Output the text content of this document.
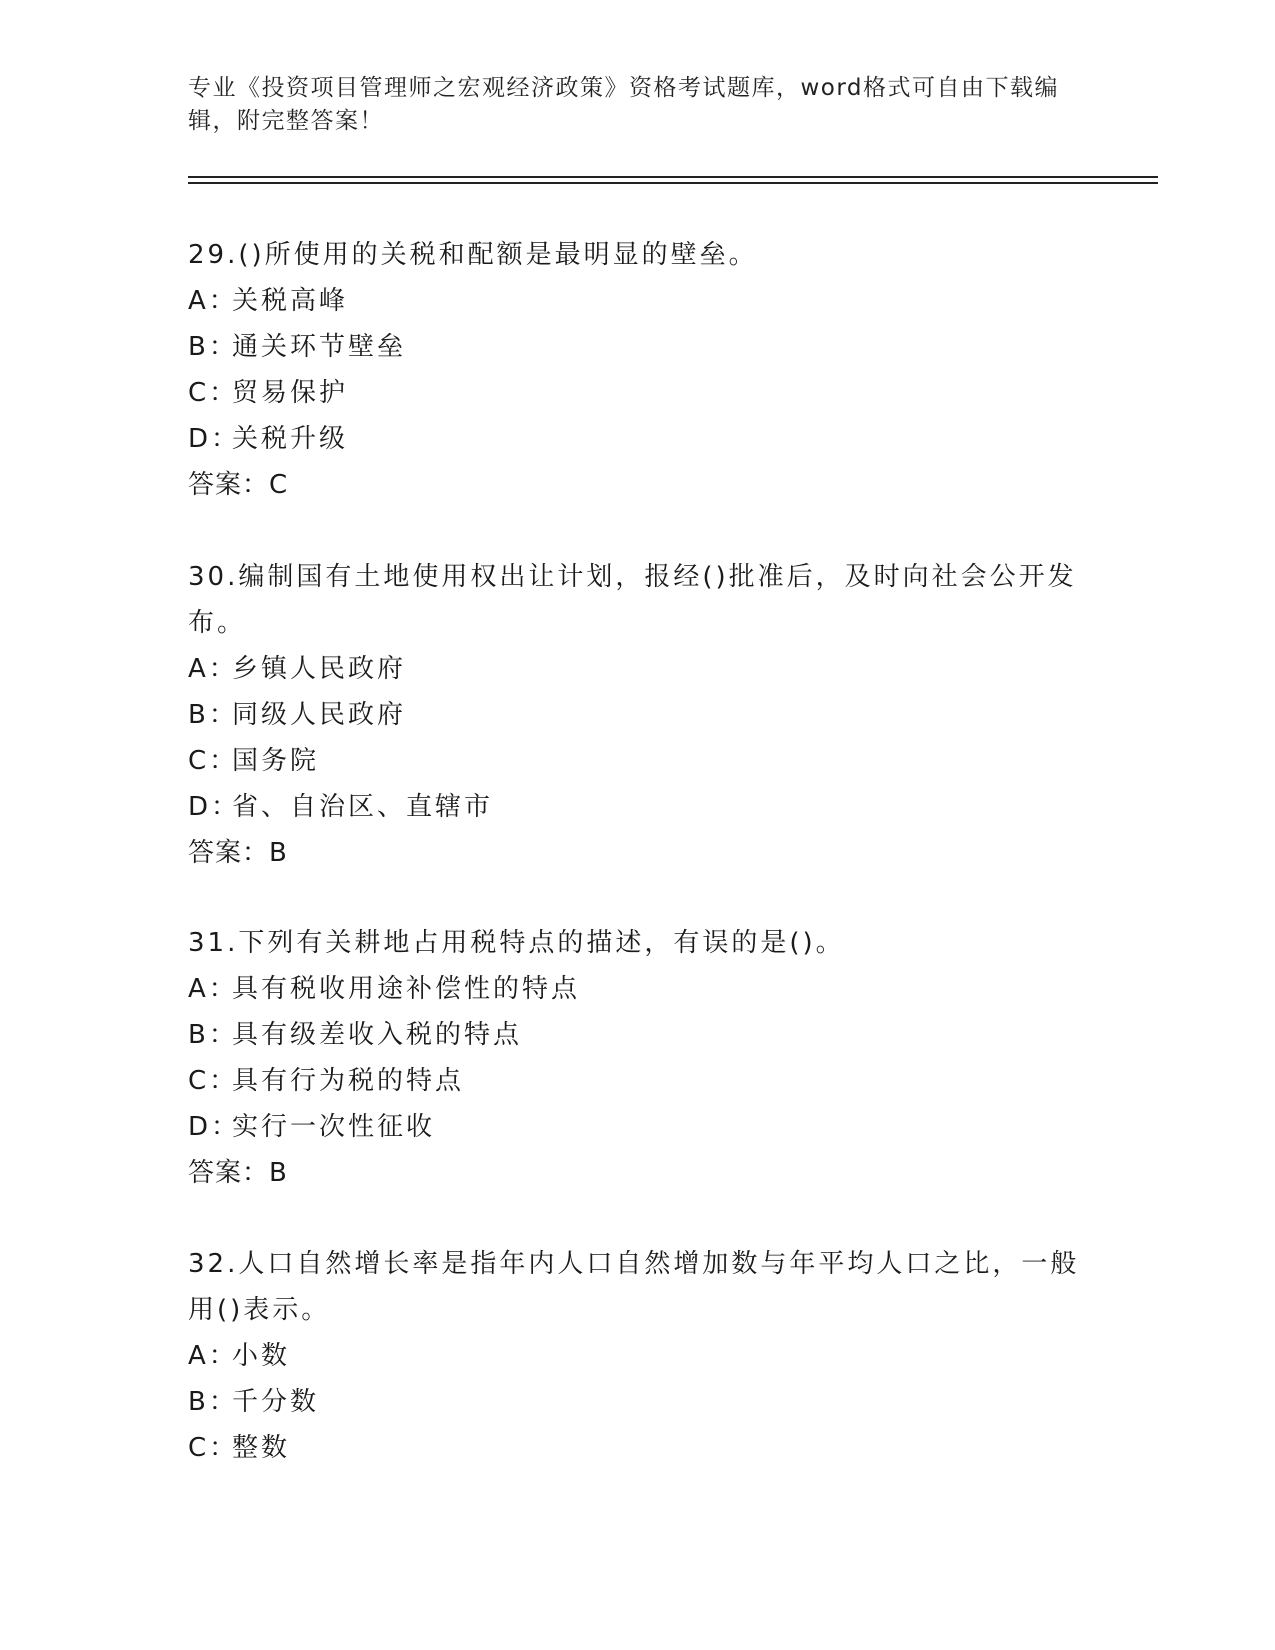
专业《投资项目管理师之宏观经济政策》资格考试题库，word格式可自由下载编辑，附完整答案！
29.()所使用的关税和配额是最明显的壁垒。
A：关税高峰
B：通关环节壁垒
C：贸易保护
D：关税升级
答案：C
30.编制国有土地使用权出让计划，报经()批准后，及时向社会公开发布。
A：乡镇人民政府
B：同级人民政府
C：国务院
D：省、自治区、直辖市
答案：B
31.下列有关耕地占用税特点的描述，有误的是()。
A：具有税收用途补偿性的特点
B：具有级差收入税的特点
C：具有行为税的特点
D：实行一次性征收
答案：B
32.人口自然增长率是指年内人口自然增加数与年平均人口之比，一般用()表示。
A：小数
B：千分数
C：整数
